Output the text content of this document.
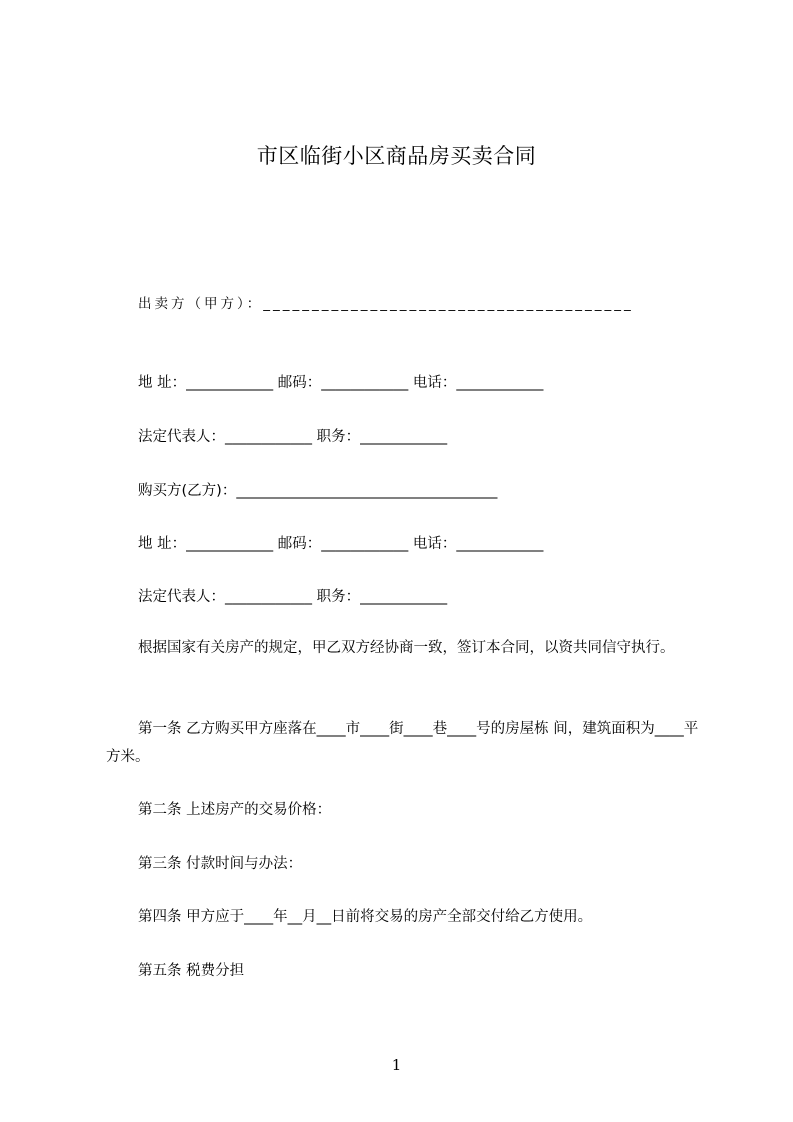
市区临街小区商品房买卖合同
出卖方（甲方）：______________________________________
地 址：____________ 邮码：____________ 电话：____________
法定代表人：____________ 职务：____________
购买方(乙方)：____________________________________
地 址：____________ 邮码：____________ 电话：____________
法定代表人：____________ 职务：____________
根据国家有关房产的规定，甲乙双方经协商一致，签订本合同，以资共同信守执行。
第一条 乙方购买甲方座落在____市____街____巷____号的房屋栋 间，建筑面积为____平方米。
第二条 上述房产的交易价格：
第三条 付款时间与办法：
第四条 甲方应于____年__月__日前将交易的房产全部交付给乙方使用。
第五条 税费分担
1
